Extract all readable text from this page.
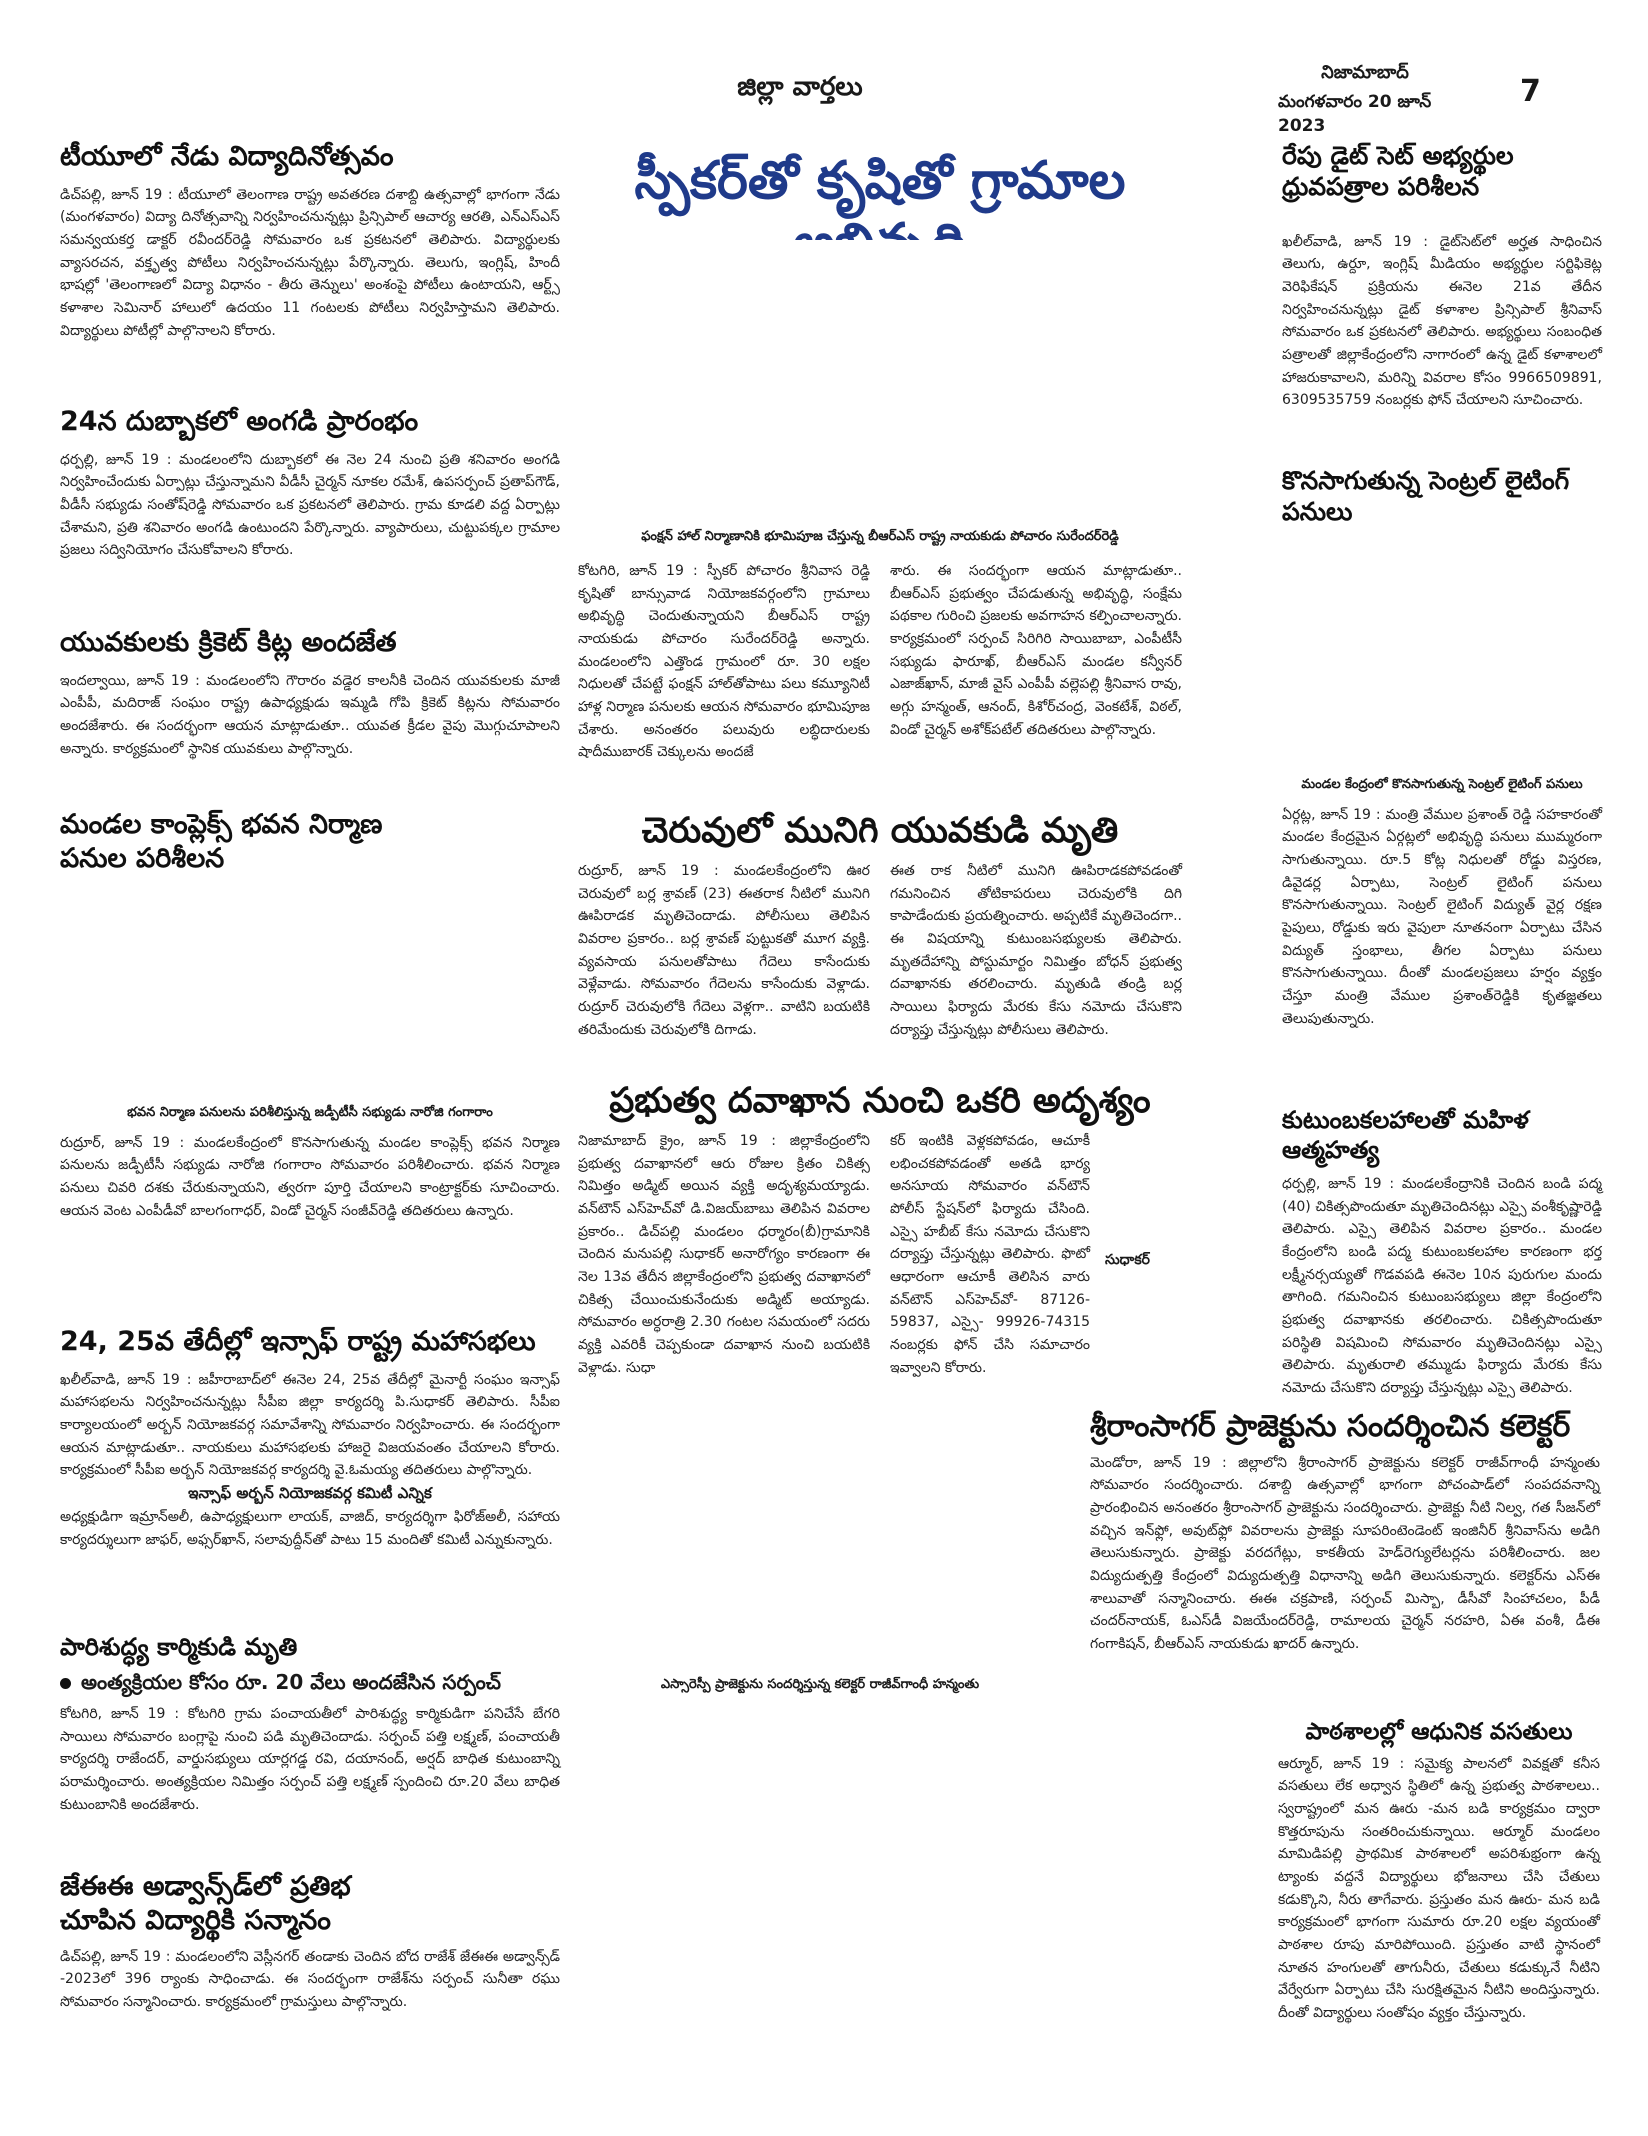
జిల్లా వార్తలు	నిజామాబాద్
మంగళవారం 20 జూన్ 2023
7
టీయూలో నేడు విద్యాదినోత్సవం
డిచ్‌పల్లి, జూన్ 19 : టీయూలో తెలంగాణ రాష్ట్ర అవతరణ దశాబ్ది ఉత్సవాల్లో భాగంగా నేడు (మంగళవారం) విద్యా దినోత్సవాన్ని నిర్వహించనున్నట్లు ప్రిన్సిపాల్ ఆచార్య ఆరతి, ఎన్ఎస్ఎస్ సమన్వయకర్త డాక్టర్ రవీందర్‌రెడ్డి సోమవారం ఒక ప్రకటనలో తెలిపారు. విద్యార్థులకు వ్యాసరచన, వక్తృత్వ పోటీలు నిర్వహించనున్నట్లు పేర్కొన్నారు. తెలుగు, ఇంగ్లిష్, హిందీ భాషల్లో 'తెలంగాణలో విద్యా విధానం - తీరు తెన్నులు' అంశంపై పోటీలు ఉంటాయని, ఆర్ట్స్ కళాశాల సెమినార్ హాలులో ఉదయం 11 గంటలకు పోటీలు నిర్వహిస్తామని తెలిపారు. విద్యార్థులు పోటీల్లో పాల్గొనాలని కోరారు.
24న దుబ్బాకలో అంగడి ప్రారంభం
ధర్పల్లి, జూన్ 19 : మండలంలోని దుబ్బాకలో ఈ నెల 24 నుంచి ప్రతి శనివారం అంగడి నిర్వహించేందుకు ఏర్పాట్లు చేస్తున్నామని వీడీసీ చైర్మన్ నూకల రమేశ్, ఉపసర్పంచ్ ప్రతాప్‌గౌడ్, వీడీసీ సభ్యుడు సంతోష్‌రెడ్డి సోమవారం ఒక ప్రకటనలో తెలిపారు. గ్రామ కూడలి వద్ద ఏర్పాట్లు చేశామని, ప్రతి శనివారం అంగడి ఉంటుందని పేర్కొన్నారు. వ్యాపారులు, చుట్టుపక్కల గ్రామాల ప్రజలు సద్వినియోగం చేసుకోవాలని కోరారు.
యువకులకు క్రికెట్ కిట్ల అందజేత
ఇందల్వాయి, జూన్ 19 : మండలంలోని గౌరారం వడ్డెర కాలనీకి చెందిన యువకులకు మాజీ ఎంపీపీ, మదిరాజ్ సంఘం రాష్ట్ర ఉపాధ్యక్షుడు ఇమ్మడి గోపి క్రికెట్ కిట్లను సోమవారం అందజేశారు. ఈ సందర్భంగా ఆయన మాట్లాడుతూ.. యువత క్రీడల వైపు మొగ్గుచూపాలని అన్నారు. కార్యక్రమంలో స్థానిక యువకులు పాల్గొన్నారు.
మండల కాంప్లెక్స్ భవన నిర్మాణ పనుల పరిశీలన
భవన నిర్మాణ పనులను పరిశీలిస్తున్న జడ్పీటీసీ సభ్యుడు నారోజి గంగారాం
రుద్రూర్, జూన్ 19 : మండలకేంద్రంలో కొనసాగుతున్న మండల కాంప్లెక్స్ భవన నిర్మాణ పనులను జడ్పీటీసీ సభ్యుడు నారోజి గంగారాం సోమవారం పరిశీలించారు. భవన నిర్మాణ పనులు చివరి దశకు చేరుకున్నాయని, త్వరగా పూర్తి చేయాలని కాంట్రాక్టర్‌కు సూచించారు. ఆయన వెంట ఎంపీడీవో బాలగంగాధర్, విండో చైర్మన్ సంజీవ్‌రెడ్డి తదితరులు ఉన్నారు.
24, 25వ తేదీల్లో ఇన్సాఫ్ రాష్ట్ర మహాసభలు
ఖలీల్‌వాడి, జూన్ 19 : జహీరాబాద్‌లో ఈనెల 24, 25వ తేదీల్లో మైనార్టీ సంఘం ఇన్సాఫ్ మహాసభలను నిర్వహించనున్నట్లు సీపీఐ జిల్లా కార్యదర్శి పి.సుధాకర్ తెలిపారు. సీపీఐ కార్యాలయంలో అర్బన్ నియోజకవర్గ సమావేశాన్ని సోమవారం నిర్వహించారు. ఈ సందర్భంగా ఆయన మాట్లాడుతూ.. నాయకులు మహాసభలకు హాజరై విజయవంతం చేయాలని కోరారు. కార్యక్రమంలో సీపీఐ అర్బన్ నియోజకవర్గ కార్యదర్శి వై.ఓమయ్య తదితరులు పాల్గొన్నారు.
ఇన్సాఫ్ అర్బన్ నియోజకవర్గ కమిటీ ఎన్నిక
అధ్యక్షుడిగా ఇమ్రాన్‌అలీ, ఉపాధ్యక్షులుగా లాయక్, వాజిద్, కార్యదర్శిగా ఫిరోజ్‌అలీ, సహాయ కార్యదర్శులుగా జాఫర్, అఫ్సర్‌ఖాన్, సలావుద్దీన్‌తో పాటు 15 మందితో కమిటీ ఎన్నుకున్నారు.
పారిశుద్ధ్య కార్మికుడి మృతి
అంత్యక్రియల కోసం రూ. 20 వేలు అందజేసిన సర్పంచ్
కోటగిరి, జూన్ 19 : కోటగిరి గ్రామ పంచాయతీలో పారిశుద్ధ్య కార్మికుడిగా పనిచేసే బేగరి సాయిలు సోమవారం బంగ్లాపై నుంచి పడి మృతిచెందాడు. సర్పంచ్ పత్తి లక్ష్మణ్, పంచాయతీ కార్యదర్శి రాజేందర్, వార్డుసభ్యులు యార్లగడ్డ రవి, దయానంద్, అర్షద్ బాధిత కుటుంబాన్ని పరామర్శించారు. అంత్యక్రియల నిమిత్తం సర్పంచ్ పత్తి లక్ష్మణ్ స్పందించి రూ.20 వేలు బాధిత కుటుంబానికి అందజేశారు.
జేఈఈ అడ్వాన్స్‌డ్‌లో ప్రతిభ చూపిన విద్యార్థికి సన్మానం
డిచ్‌పల్లి, జూన్ 19 : మండలంలోని వెస్లీనగర్ తండాకు చెందిన బోద రాజేశ్ జేఈఈ అడ్వాన్స్‌డ్ -2023లో 396 ర్యాంకు సాధించాడు. ఈ సందర్భంగా రాజేశ్‌ను సర్పంచ్ సునీతా రఘు సోమవారం సన్మానించారు. కార్యక్రమంలో గ్రామస్తులు పాల్గొన్నారు.
స్పీకర్‌తో కృషితో గ్రామాల
ఫంక్షన్ హాల్ నిర్మాణానికి భూమిపూజ చేస్తున్న బీఆర్ఎస్ రాష్ట్ర నాయకుడు పోచారం సురేందర్‌రెడ్డి
కోటగిరి, జూన్ 19 : స్పీకర్ పోచారం శ్రీనివాస రెడ్డి కృషితో బాన్సువాడ నియోజకవర్గంలోని గ్రామాలు అభివృద్ధి చెందుతున్నాయని బీఆర్ఎస్ రాష్ట్ర నాయకుడు పోచారం సురేందర్‌రెడ్డి అన్నారు. మండలంలోని ఎత్తొండ గ్రామంలో రూ. 30 లక్షల నిధులతో చేపట్టే ఫంక్షన్ హాల్‌తోపాటు పలు కమ్యూనిటీ హాళ్ల నిర్మాణ పనులకు ఆయన సోమవారం భూమిపూజ చేశారు. అనంతరం పలువురు లబ్ధిదారులకు షాదీముబారక్ చెక్కులను అందజే
శారు. ఈ సందర్భంగా ఆయన మాట్లాడుతూ.. బీఆర్ఎస్ ప్రభుత్వం చేపడుతున్న అభివృద్ధి, సంక్షేమ పథకాల గురించి ప్రజలకు అవగాహన కల్పించాలన్నారు. కార్యక్రమంలో సర్పంచ్ సిరిగిరి సాయిబాబా, ఎంపీటీసీ సభ్యుడు ఫారూఖ్, బీఆర్ఎస్ మండల కన్వీనర్ ఎజాజ్‌ఖాన్, మాజీ వైస్ ఎంపీపీ వల్లెపల్లి శ్రీనివాస రావు, అగ్గు హన్మంత్, ఆనంద్, కిశోర్‌చంద్ర, వెంకటేశ్, విఠల్, విండో చైర్మన్ అశోక్‌పటేల్ తదితరులు పాల్గొన్నారు.
చెరువులో మునిగి యువకుడి మృతి
రుద్రూర్, జూన్ 19 : మండలకేంద్రంలోని ఊర చెరువులో బర్ల శ్రావణ్ (23) ఈతరాక నీటిలో మునిగి ఊపిరాడక మృతిచెందాడు. పోలీసులు తెలిపిన వివరాల ప్రకారం.. బర్ల శ్రావణ్ పుట్టుకతో మూగ వ్యక్తి. వ్యవసాయ పనులతోపాటు గేదెలు కాసేందుకు వెళ్లేవాడు. సోమవారం గేదెలను కాసేందుకు వెళ్లాడు. రుద్రూర్ చెరువులోకి గేదెలు వెళ్లగా.. వాటిని బయటికి తరిమేందుకు చెరువులోకి దిగాడు.
ఈత రాక నీటిలో మునిగి ఊపిరాడకపోవడంతో గమనించిన తోటికాపరులు చెరువులోకి దిగి కాపాడేందుకు ప్రయత్నించారు. అప్పటికే మృతిచెందగా.. ఈ విషయాన్ని కుటుంబసభ్యులకు తెలిపారు. మృతదేహాన్ని పోస్టుమార్టం నిమిత్తం బోధన్ ప్రభుత్వ దవాఖానకు తరలించారు. మృతుడి తండ్రి బర్ల సాయిలు ఫిర్యాదు మేరకు కేసు నమోదు చేసుకొని దర్యాప్తు చేస్తున్నట్లు పోలీసులు తెలిపారు.
ప్రభుత్వ దవాఖాన నుంచి ఒకరి అదృశ్యం
నిజామాబాద్ క్రైం, జూన్ 19 : జిల్లాకేంద్రంలోని ప్రభుత్వ దవాఖానలో ఆరు రోజుల క్రితం చికిత్స నిమిత్తం అడ్మిట్ అయిన వ్యక్తి అదృశ్యమయ్యాడు. వన్‌టౌన్ ఎస్‌హెచ్‌వో డి.విజయ్‌బాబు తెలిపిన వివరాల ప్రకారం.. డిచ్‌పల్లి మండలం ధర్మారం(బీ)గ్రామానికి చెందిన మనుపల్లి సుధాకర్ అనారోగ్యం కారణంగా ఈ నెల 13వ తేదీన జిల్లాకేంద్రంలోని ప్రభుత్వ దవాఖానలో చికిత్స చేయించుకునేందుకు అడ్మిట్ అయ్యాడు. సోమవారం అర్ధరాత్రి 2.30 గంటల సమయంలో సదరు వ్యక్తి ఎవరికీ చెప్పకుండా దవాఖాన నుంచి బయటికి వెళ్లాడు. సుధా
కర్ ఇంటికి వెళ్లకపోవడం, ఆచూకీ లభించకపోవడంతో అతడి భార్య అనసూయ సోమవారం వన్‌టౌన్ పోలీస్ స్టేషన్‌లో ఫిర్యాదు చేసింది. ఎస్సై హబీబ్ కేసు నమోదు చేసుకొని దర్యాప్తు చేస్తున్నట్లు తెలిపారు. ఫొటో ఆధారంగా ఆచూకీ తెలిసిన వారు వన్‌టౌన్ ఎస్‌హెచ్‌వో- 87126-59837, ఎస్సై- 99926-74315 నంబర్లకు ఫోన్ చేసి సమాచారం ఇవ్వాలని కోరారు.
సుధాకర్
రేపు డైట్ సెట్ అభ్యర్థుల ధ్రువపత్రాల పరిశీలన
ఖలీల్‌వాడి, జూన్ 19 : డైట్‌సెట్‌లో అర్హత సాధించిన తెలుగు, ఉర్దూ, ఇంగ్లిష్ మీడియం అభ్యర్థుల సర్టిఫికెట్ల వెరిఫికేషన్ ప్రక్రియను ఈనెల 21వ తేదీన నిర్వహించనున్నట్లు డైట్ కళాశాల ప్రిన్సిపాల్ శ్రీనివాస్ సోమవారం ఒక ప్రకటనలో తెలిపారు. అభ్యర్థులు సంబంధిత పత్రాలతో జిల్లాకేంద్రంలోని నాగారంలో ఉన్న డైట్ కళాశాలలో హాజరుకావాలని, మరిన్ని వివరాల కోసం 9966509891, 6309535759 నంబర్లకు ఫోన్ చేయాలని సూచించారు.
కొనసాగుతున్న సెంట్రల్ లైటింగ్ పనులు
మండల కేంద్రంలో కొనసాగుతున్న సెంట్రల్ లైటింగ్ పనులు
ఏర్గట్ల, జూన్ 19 : మంత్రి వేముల ప్రశాంత్ రెడ్డి సహకారంతో మండల కేంద్రమైన ఏర్గట్లలో అభివృద్ధి పనులు ముమ్మరంగా సాగుతున్నాయి. రూ.5 కోట్ల నిధులతో రోడ్డు విస్తరణ, డివైడర్ల ఏర్పాటు, సెంట్రల్ లైటింగ్ పనులు కొనసాగుతున్నాయి. సెంట్రల్ లైటింగ్ విద్యుత్ వైర్ల రక్షణ పైపులు, రోడ్డుకు ఇరు వైపులా నూతనంగా ఏర్పాటు చేసిన విద్యుత్ స్తంభాలు, తీగల ఏర్పాటు పనులు కొనసాగుతున్నాయి. దీంతో మండలప్రజలు హర్షం వ్యక్తం చేస్తూ మంత్రి వేముల ప్రశాంత్‌రెడ్డికి కృతజ్ఞతలు తెలుపుతున్నారు.
కుటుంబకలహాలతో మహిళ ఆత్మహత్య
ధర్పల్లి, జూన్ 19 : మండలకేంద్రానికి చెందిన బండి పద్మ (40) చికిత్సపొందుతూ మృతిచెందినట్లు ఎస్సై వంశీకృష్ణారెడ్డి తెలిపారు. ఎస్సై తెలిపిన వివరాల ప్రకారం.. మండల కేంద్రంలోని బండి పద్మ కుటుంబకలహాల కారణంగా భర్త లక్ష్మీనర్సయ్యతో గొడవపడి ఈనెల 10న పురుగుల మందు తాగింది. గమనించిన కుటుంబసభ్యులు జిల్లా కేంద్రంలోని ప్రభుత్వ దవాఖానకు తరలించారు. చికిత్సపొందుతూ పరిస్థితి విషమించి సోమవారం మృతిచెందినట్లు ఎస్సై తెలిపారు. మృతురాలి తమ్ముడు ఫిర్యాదు మేరకు కేసు నమోదు చేసుకొని దర్యాప్తు చేస్తున్నట్లు ఎస్సై తెలిపారు.
ఎస్సారెస్పీ ప్రాజెక్టును సందర్శిస్తున్న కలెక్టర్ రాజీవ్‌గాంధీ హన్మంతు
శ్రీరాంసాగర్ ప్రాజెక్టును సందర్శించిన కలెక్టర్
మెండోరా, జూన్ 19 : జిల్లాలోని శ్రీరాంసాగర్ ప్రాజెక్టును కలెక్టర్ రాజీవ్‌గాంధీ హన్మంతు సోమవారం సందర్శించారు. దశాబ్ది ఉత్సవాల్లో భాగంగా పోచంపాడ్‌లో సంపదవనాన్ని ప్రారంభించిన అనంతరం శ్రీరాంసాగర్ ప్రాజెక్టును సందర్శించారు. ప్రాజెక్టు నీటి నిల్వ, గత సీజన్‌లో వచ్చిన ఇన్‌ఫ్లో, అవుట్‌ఫ్లో వివరాలను ప్రాజెక్టు సూపరింటెండెంట్ ఇంజినీర్ శ్రీనివాస్‌ను అడిగి తెలుసుకున్నారు. ప్రాజెక్టు వరదగేట్లు, కాకతీయ హెడ్‌రెగ్యులేటర్లను పరిశీలించారు. జల విద్యుదుత్పత్తి కేంద్రంలో విద్యుదుత్పత్తి విధానాన్ని అడిగి తెలుసుకున్నారు. కలెక్టర్‌ను ఎస్ఈ శాలువాతో సన్మానించారు. ఈఈ చక్రపాణి, సర్పంచ్ మిస్బా, డీసీవో సింహాచలం, పీడీ చందర్‌నాయక్, ఓఎస్‌డీ విజయేందర్‌రెడ్డి, రామాలయ చైర్మన్ నరహరి, ఏఈ వంశీ, డీఈ గంగాకిషన్, బీఆర్ఎస్ నాయకుడు ఖాదర్ ఉన్నారు.
పాఠశాలల్లో ఆధునిక వసతులు
ఆర్మూర్, జూన్ 19 : సమైక్య పాలనలో వివక్షతో కనీస వసతులు లేక అధ్వాన స్థితిలో ఉన్న ప్రభుత్వ పాఠశాలలు.. స్వరాష్ట్రంలో మన ఊరు -మన బడి కార్యక్రమం ద్వారా కొత్తరూపును సంతరించుకున్నాయి. ఆర్మూర్ మండలం మామిడిపల్లి ప్రాథమిక పాఠశాలలో అపరిశుభ్రంగా ఉన్న ట్యాంకు వద్దనే విద్యార్థులు భోజనాలు చేసి చేతులు కడుక్కొని, నీరు తాగేవారు. ప్రస్తుతం మన ఊరు- మన బడి కార్యక్రమంలో భాగంగా సుమారు రూ.20 లక్షల వ్యయంతో పాఠశాల రూపు మారిపోయింది. ప్రస్తుతం వాటి స్థానంలో నూతన హంగులతో తాగునీరు, చేతులు కడుక్కునే నీటిని వేర్వేరుగా ఏర్పాటు చేసి సురక్షితమైన నీటిని అందిస్తున్నారు. దీంతో విద్యార్థులు సంతోషం వ్యక్తం చేస్తున్నారు.
